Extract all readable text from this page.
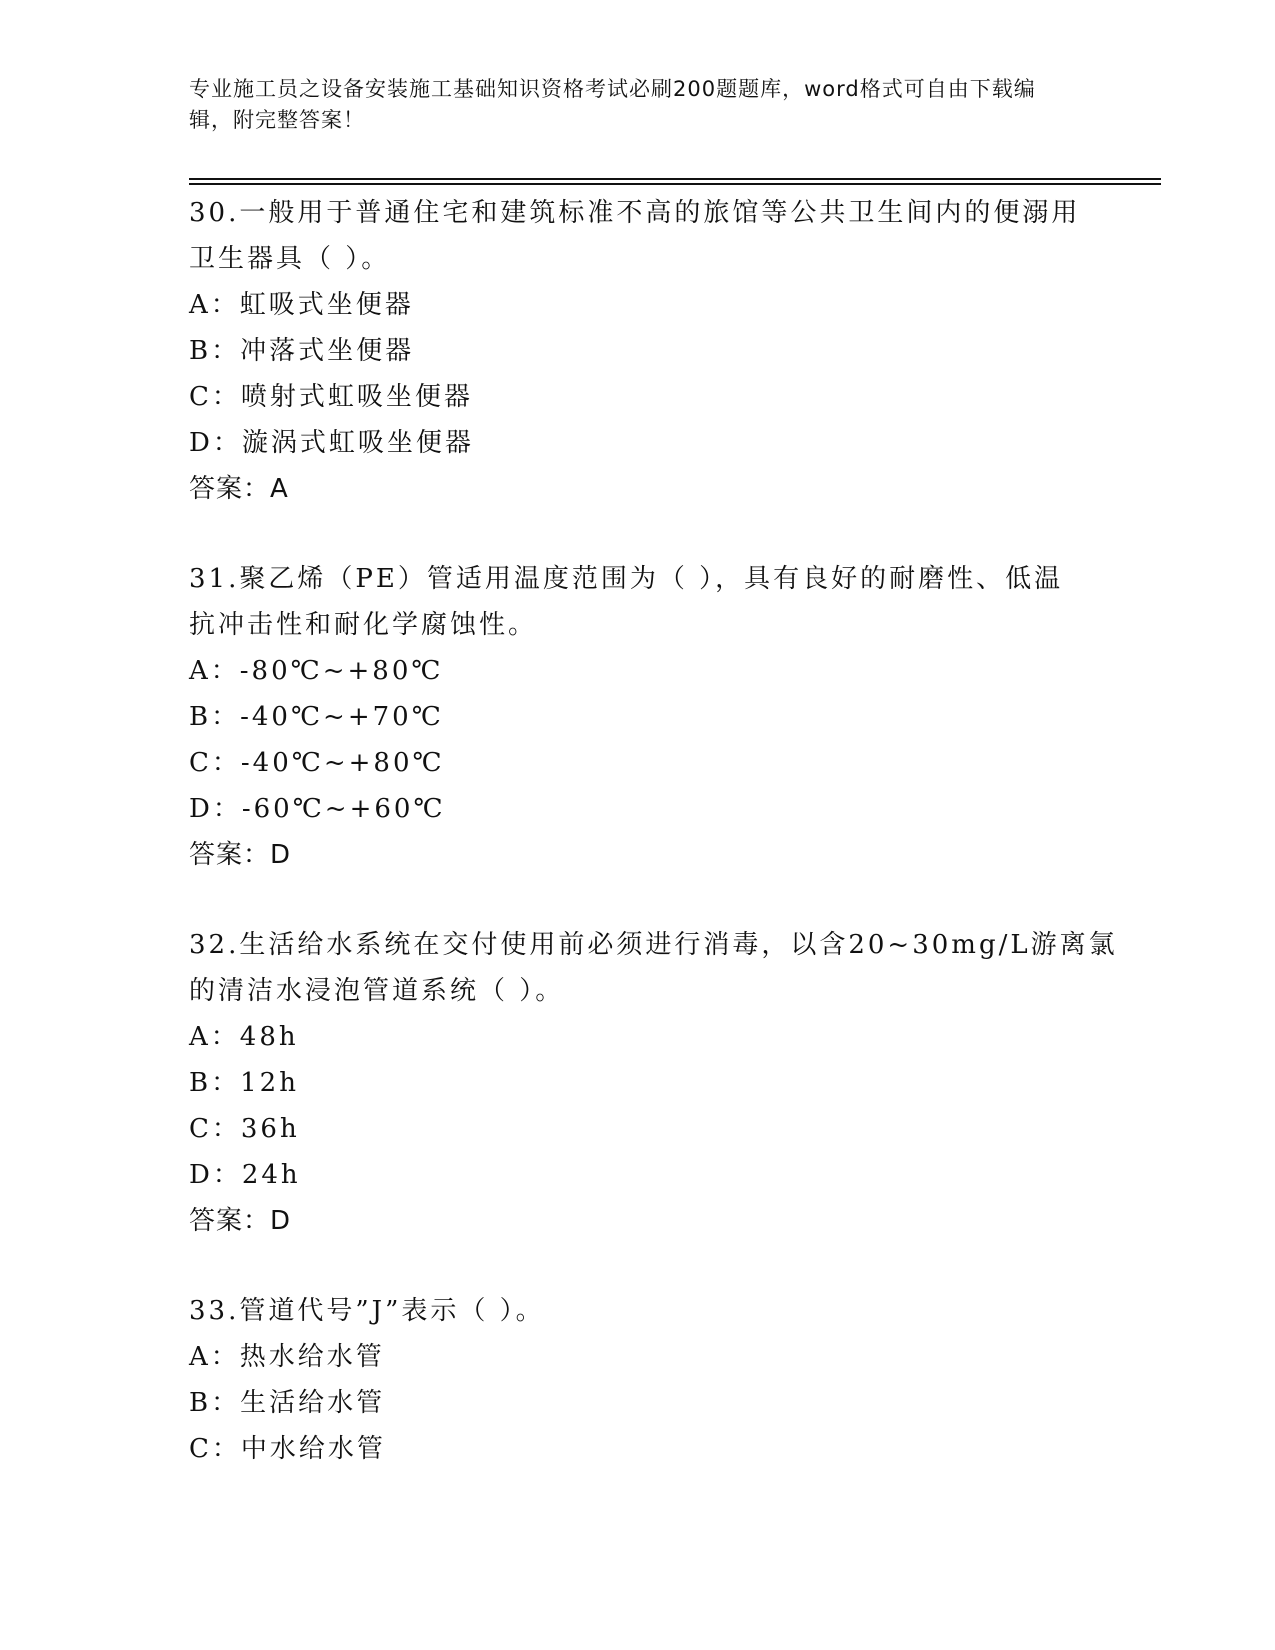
专业施工员之设备安装施工基础知识资格考试必刷200题题库，word格式可自由下载编辑，附完整答案！
30.一般用于普通住宅和建筑标准不高的旅馆等公共卫生间内的便溺用
卫生器具（ ）。
A：虹吸式坐便器
B：冲落式坐便器
C：喷射式虹吸坐便器
D：漩涡式虹吸坐便器
答案：A
31.聚乙烯（PE）管适用温度范围为（ ），具有良好的耐磨性、低温
抗冲击性和耐化学腐蚀性。
A：-80℃~+80℃
B：-40℃~+70℃
C：-40℃~+80℃
D：-60℃~+60℃
答案：D
32.生活给水系统在交付使用前必须进行消毒，以含20~30mg/L游离氯
的清洁水浸泡管道系统（ ）。
A：48h
B：12h
C：36h
D：24h
答案：D
33.管道代号”J”表示（ ）。
A：热水给水管
B：生活给水管
C：中水给水管
